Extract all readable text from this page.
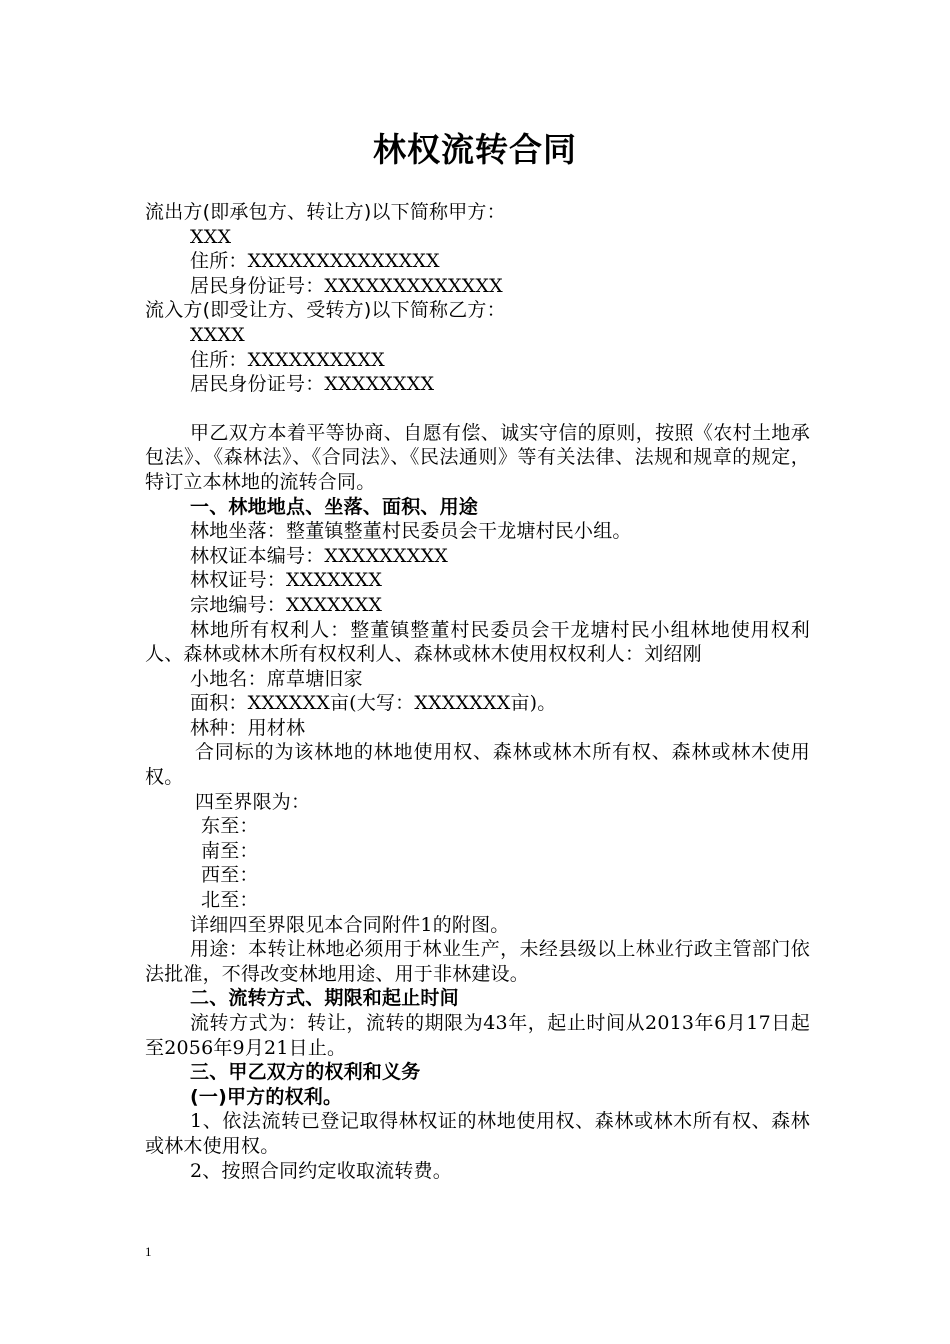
林权流转合同
流出方(即承包方、转让方)以下简称甲方：
XXX
住所：XXXXXXXXXXXXXX
居民身份证号：XXXXXXXXXXXXX
流入方(即受让方、受转方)以下简称乙方：
XXXX
住所：XXXXXXXXXX
居民身份证号：XXXXXXXX
甲乙双方本着平等协商、自愿有偿、诚实守信的原则，按照《农村土地承包法》、《森林法》、《合同法》、《民法通则》等有关法律、法规和规章的规定，特订立本林地的流转合同。
一、林地地点、坐落、面积、用途
林地坐落：整董镇整董村民委员会干龙塘村民小组。
林权证本编号：XXXXXXXXX
林权证号：XXXXXXX
宗地编号：XXXXXXX
林地所有权利人：整董镇整董村民委员会干龙塘村民小组林地使用权利人、森林或林木所有权权利人、森林或林木使用权权利人：刘绍刚
小地名：席草塘旧家
面积：XXXXXX亩(大写：XXXXXXX亩)。
林种：用材林
合同标的为该林地的林地使用权、森林或林木所有权、森林或林木使用权。
四至界限为：
东至：
南至：
西至：
北至：
详细四至界限见本合同附件1的附图。
用途：本转让林地必须用于林业生产，未经县级以上林业行政主管部门依法批准，不得改变林地用途、用于非林建设。
二、流转方式、期限和起止时间
流转方式为：转让，流转的期限为43年，起止时间从2013年6月17日起至2056年9月21日止。
三、甲乙双方的权利和义务
(一)甲方的权利。
1、依法流转已登记取得林权证的林地使用权、森林或林木所有权、森林或林木使用权。
2、按照合同约定收取流转费。
1
